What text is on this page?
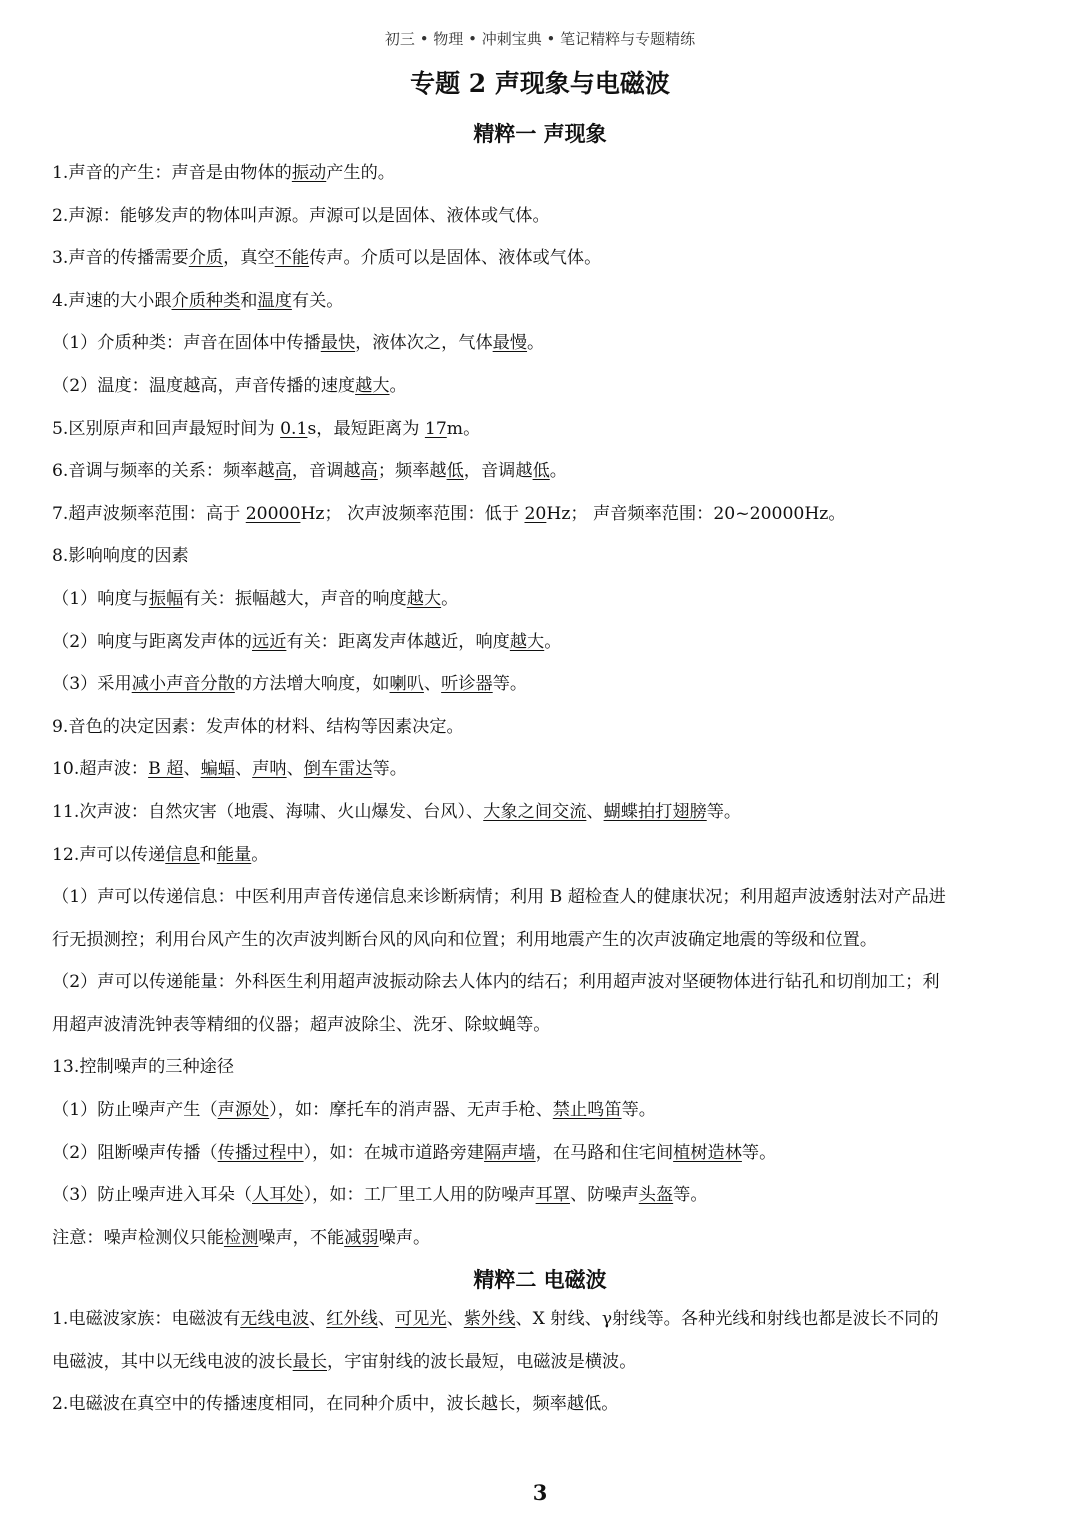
初三 • 物理 • 冲刺宝典 • 笔记精粹与专题精练
专题 2 声现象与电磁波
精粹一 声现象
1.声音的产生：声音是由物体的振动产生的。
2.声源：能够发声的物体叫声源。声源可以是固体、液体或气体。
3.声音的传播需要介质，真空不能传声。介质可以是固体、液体或气体。
4.声速的大小跟介质种类和温度有关。
（1）介质种类：声音在固体中传播最快，液体次之，气体最慢。
（2）温度：温度越高，声音传播的速度越大。
5.区别原声和回声最短时间为 0.1s，最短距离为 17m。
6.音调与频率的关系：频率越高，音调越高；频率越低，音调越低。
7.超声波频率范围：高于 20000Hz； 次声波频率范围：低于 20Hz； 声音频率范围：20~20000Hz。
8.影响响度的因素
（1）响度与振幅有关：振幅越大，声音的响度越大。
（2）响度与距离发声体的远近有关：距离发声体越近，响度越大。
（3）采用减小声音分散的方法增大响度，如喇叭、听诊器等。
9.音色的决定因素：发声体的材料、结构等因素决定。
10.超声波：B 超、蝙蝠、声呐、倒车雷达等。
11.次声波：自然灾害（地震、海啸、火山爆发、台风）、大象之间交流、蝴蝶拍打翅膀等。
12.声可以传递信息和能量。
（1）声可以传递信息：中医利用声音传递信息来诊断病情；利用 B 超检查人的健康状况；利用超声波透射法对产品进
行无损测控；利用台风产生的次声波判断台风的风向和位置；利用地震产生的次声波确定地震的等级和位置。
（2）声可以传递能量：外科医生利用超声波振动除去人体内的结石；利用超声波对坚硬物体进行钻孔和切削加工；利
用超声波清洗钟表等精细的仪器；超声波除尘、洗牙、除蚊蝇等。
13.控制噪声的三种途径
（1）防止噪声产生（声源处），如：摩托车的消声器、无声手枪、禁止鸣笛等。
（2）阻断噪声传播（传播过程中），如：在城市道路旁建隔声墙，在马路和住宅间植树造林等。
（3）防止噪声进入耳朵（人耳处），如：工厂里工人用的防噪声耳罩、防噪声头盔等。
注意：噪声检测仪只能检测噪声，不能减弱噪声。
精粹二 电磁波
1.电磁波家族：电磁波有无线电波、红外线、可见光、紫外线、X 射线、γ射线等。各种光线和射线也都是波长不同的
电磁波，其中以无线电波的波长最长，宇宙射线的波长最短，电磁波是横波。
2.电磁波在真空中的传播速度相同，在同种介质中，波长越长，频率越低。
3
